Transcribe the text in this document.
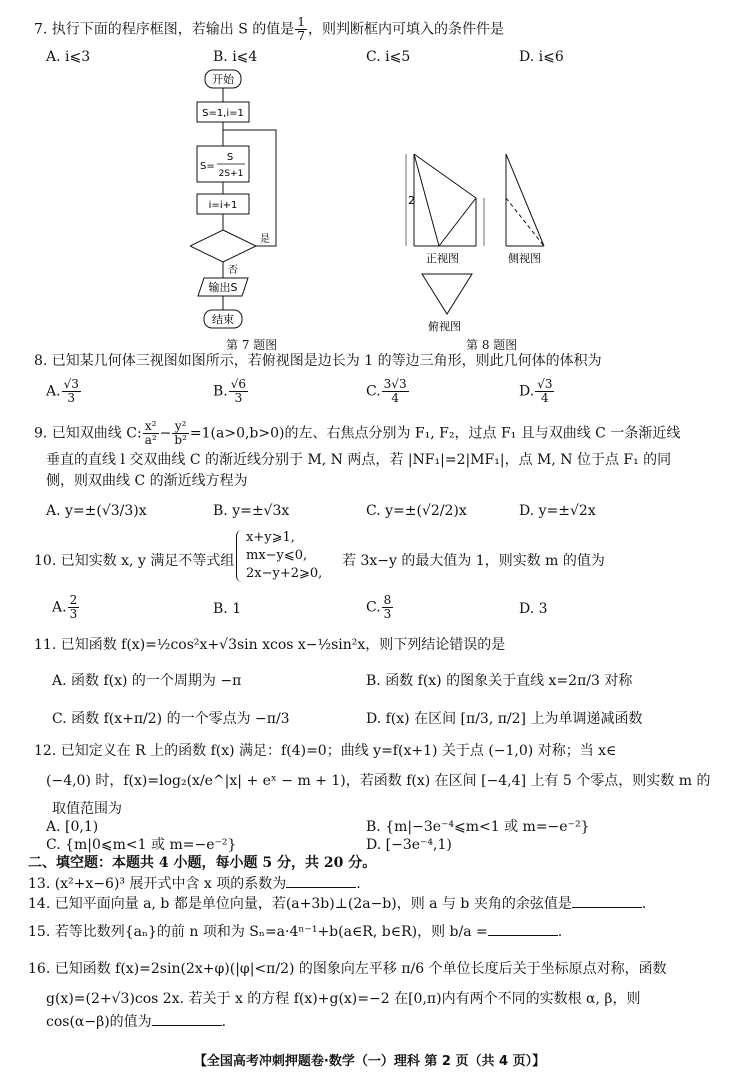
7. 执行下面的程序框图，若输出 S 的值是 $\frac{1}{7}$ ，则判断框内可填入的条件件是
A. i⩽3	B. i⩽4	C. i⩽5	D. i⩽6
开始
S=1,i=1
S=
S
2S+1
i=i+1
是
否
输出S
结束
第 7 题图
2
正视图	侧视图
俯视图
第 8 题图
8. 已知某几何体三视图如图所示，若俯视图是边长为 1 的等边三角形，则此几何体的体积为
A. $\frac{√3}{3}$	B. $\frac{√6}{3}$	C. $\frac{3√3}{4}$	D. $\frac{√3}{4}$
9. 已知双曲线 C: $\frac{\text{x²}}{\text{a²}} - \frac{\text{y²}}{\text{b²}} =1(a>0,b>0)$的左、右焦点分别为 F₁, F₂，过点 F₁ 且与双曲线 C 一条渐近线
垂直的直线 l 交双曲线 C 的渐近线分别于 M, N 两点，若 |NF₁|=2|MF₁|，点 M, N 位于点 F₁ 的同
侧，则双曲线 C 的渐近线方程为
A. y=±(√3/3)x	B. y=±√3x	C. y=±(√2/2)x	D. y=±√2x
10. 已知实数 x, y 满足不等式组
x+y⩾1,
mx−y⩽0,
2x−y+2⩾0,
若 3x−y 的最大值为 1，则实数 m 的值为
A. $\frac{2}{3}$	B. 1	C. $\frac{8}{3}$	D. 3
11. 已知函数 f(x)=½cos²x+√3sin xcos x−½sin²x，则下列结论错误的是
A. 函数 f(x) 的一个周期为 −π	B. 函数 f(x) 的图象关于直线 x=2π/3 对称
C. 函数 f(x+π/2) 的一个零点为 −π/3	D. f(x) 在区间 [π/3, π/2] 上为单调递减函数
12. 已知定义在 R 上的函数 f(x) 满足：f(4)=0；曲线 y=f(x+1) 关于点 (−1,0) 对称；当 x∈
(−4,0) 时，f(x)=log₂(x/e^|x| + eˣ − m + 1)，若函数 f(x) 在区间 [−4,4] 上有 5 个零点，则实数 m 的
取值范围为
A. [0,1)	B. {m|−3e⁻⁴⩽m<1 或 m=−e⁻²}
C. {m|0⩽m<1 或 m=−e⁻²}	D. [−3e⁻⁴,1)
二、填空题：本题共 4 小题，每小题 5 分，共 20 分。
13. (x²+x−6)³ 展开式中含 x 项的系数为	.
14. 已知平面向量 a, b 都是单位向量，若(a+3b)⊥(2a−b)，则 a 与 b 夹角的余弦值是	.
15. 若等比数列{aₙ}的前 n 项和为 Sₙ=a·4ⁿ⁻¹+b(a∈R, b∈R)，则 b/a =	.
16. 已知函数 f(x)=2sin(2x+φ)(|φ|<π/2) 的图象向左平移 π/6 个单位长度后关于坐标原点对称，函数
g(x)=(2+√3)cos 2x. 若关于 x 的方程 f(x)+g(x)=−2 在[0,π)内有两个不同的实数根 α, β，则
cos(α−β)的值为	.
【全国高考冲刺押题卷·数学（一）理科 第 2 页（共 4 页）】
